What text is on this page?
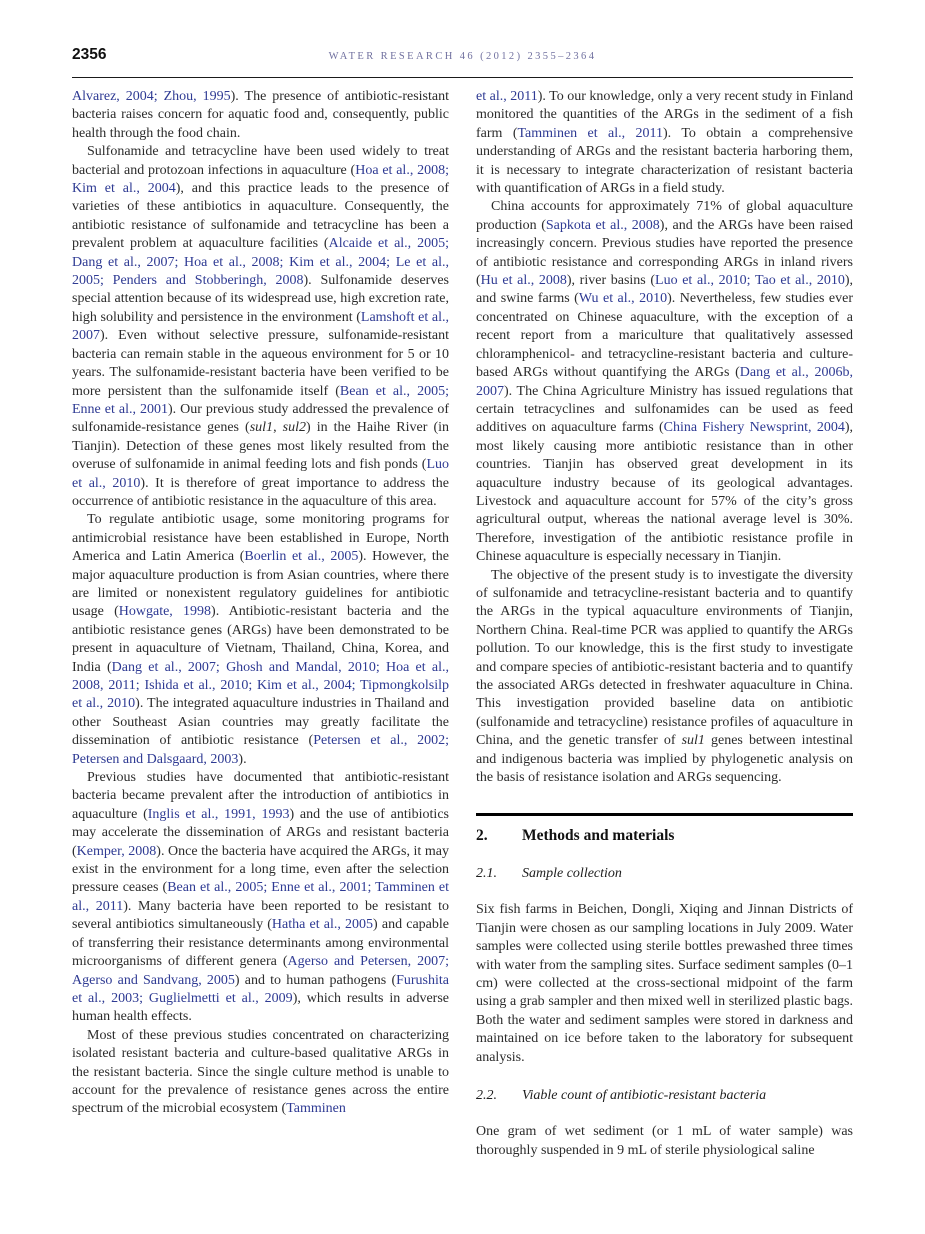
2356	WATER RESEARCH 46 (2012) 2355–2364

Alvarez, 2004; Zhou, 1995). The presence of antibiotic-resistant bacteria raises concern for aquatic food and, consequently, public health through the food chain.

Sulfonamide and tetracycline have been used widely to treat bacterial and protozoan infections in aquaculture (Hoa et al., 2008; Kim et al., 2004), and this practice leads to the presence of varieties of these antibiotics in aquaculture. Consequently, the antibiotic resistance of sulfonamide and tetracycline has been a prevalent problem at aquaculture facilities (Alcaide et al., 2005; Dang et al., 2007; Hoa et al., 2008; Kim et al., 2004; Le et al., 2005; Penders and Stobberingh, 2008). Sulfonamide deserves special attention because of its widespread use, high excretion rate, high solubility and persistence in the environment (Lamshoft et al., 2007). Even without selective pressure, sulfonamide-resistant bacteria can remain stable in the aqueous environment for 5 or 10 years. The sulfonamide-resistant bacteria have been verified to be more persistent than the sulfonamide itself (Bean et al., 2005; Enne et al., 2001). Our previous study addressed the prevalence of sulfonamide-resistance genes (sul1, sul2) in the Haihe River (in Tianjin). Detection of these genes most likely resulted from the overuse of sulfonamide in animal feeding lots and fish ponds (Luo et al., 2010). It is therefore of great importance to address the occurrence of antibiotic resistance in the aquaculture of this area.

To regulate antibiotic usage, some monitoring programs for antimicrobial resistance have been established in Europe, North America and Latin America (Boerlin et al., 2005). However, the major aquaculture production is from Asian countries, where there are limited or nonexistent regulatory guidelines for antibiotic usage (Howgate, 1998). Antibiotic-resistant bacteria and the antibiotic resistance genes (ARGs) have been demonstrated to be present in aquaculture of Vietnam, Thailand, China, Korea, and India (Dang et al., 2007; Ghosh and Mandal, 2010; Hoa et al., 2008, 2011; Ishida et al., 2010; Kim et al., 2004; Tipmongkolsilp et al., 2010). The integrated aquaculture industries in Thailand and other Southeast Asian countries may greatly facilitate the dissemination of antibiotic resistance (Petersen et al., 2002; Petersen and Dalsgaard, 2003).

Previous studies have documented that antibiotic-resistant bacteria became prevalent after the introduction of antibiotics in aquaculture (Inglis et al., 1991, 1993) and the use of antibiotics may accelerate the dissemination of ARGs and resistant bacteria (Kemper, 2008). Once the bacteria have acquired the ARGs, it may exist in the environment for a long time, even after the selection pressure ceases (Bean et al., 2005; Enne et al., 2001; Tamminen et al., 2011). Many bacteria have been reported to be resistant to several antibiotics simultaneously (Hatha et al., 2005) and capable of transferring their resistance determinants among environmental microorganisms of different genera (Agerso and Petersen, 2007; Agerso and Sandvang, 2005) and to human pathogens (Furushita et al., 2003; Guglielmetti et al., 2009), which results in adverse human health effects.

Most of these previous studies concentrated on characterizing isolated resistant bacteria and culture-based qualitative ARGs in the resistant bacteria. Since the single culture method is unable to account for the prevalence of resistance genes across the entire spectrum of the microbial ecosystem (Tamminen

et al., 2011). To our knowledge, only a very recent study in Finland monitored the quantities of the ARGs in the sediment of a fish farm (Tamminen et al., 2011). To obtain a comprehensive understanding of ARGs and the resistant bacteria harboring them, it is necessary to integrate characterization of resistant bacteria with quantification of ARGs in a field study.

China accounts for approximately 71% of global aquaculture production (Sapkota et al., 2008), and the ARGs have been raised increasingly concern. Previous studies have reported the presence of antibiotic resistance and corresponding ARGs in inland rivers (Hu et al., 2008), river basins (Luo et al., 2010; Tao et al., 2010), and swine farms (Wu et al., 2010). Nevertheless, few studies ever concentrated on Chinese aquaculture, with the exception of a recent report from a mariculture that qualitatively assessed chloramphenicol- and tetracycline-resistant bacteria and culture-based ARGs without quantifying the ARGs (Dang et al., 2006b, 2007). The China Agriculture Ministry has issued regulations that certain tetracyclines and sulfonamides can be used as feed additives on aquaculture farms (China Fishery Newsprint, 2004), most likely causing more antibiotic resistance than in other countries. Tianjin has observed great development in its aquaculture industry because of its geological advantages. Livestock and aquaculture account for 57% of the city’s gross agricultural output, whereas the national average level is 30%. Therefore, investigation of the antibiotic resistance profile in Chinese aquaculture is especially necessary in Tianjin.

The objective of the present study is to investigate the diversity of sulfonamide and tetracycline-resistant bacteria and to quantify the ARGs in the typical aquaculture environments of Tianjin, Northern China. Real-time PCR was applied to quantify the ARGs pollution. To our knowledge, this is the first study to investigate and compare species of antibiotic-resistant bacteria and to quantify the associated ARGs detected in freshwater aquaculture in China. This investigation provided baseline data on antibiotic (sulfonamide and tetracycline) resistance profiles of aquaculture in China, and the genetic transfer of sul1 genes between intestinal and indigenous bacteria was implied by phylogenetic analysis on the basis of resistance isolation and ARGs sequencing.

2.	Methods and materials
2.1.	Sample collection

Six fish farms in Beichen, Dongli, Xiqing and Jinnan Districts of Tianjin were chosen as our sampling locations in July 2009. Water samples were collected using sterile bottles prewashed three times with water from the sampling sites. Surface sediment samples (0–1 cm) were collected at the cross-sectional midpoint of the farm using a grab sampler and then mixed well in sterilized plastic bags. Both the water and sediment samples were stored in darkness and maintained on ice before taken to the laboratory for subsequent analysis.

2.2.	Viable count of antibiotic-resistant bacteria

One gram of wet sediment (or 1 mL of water sample) was thoroughly suspended in 9 mL of sterile physiological saline
